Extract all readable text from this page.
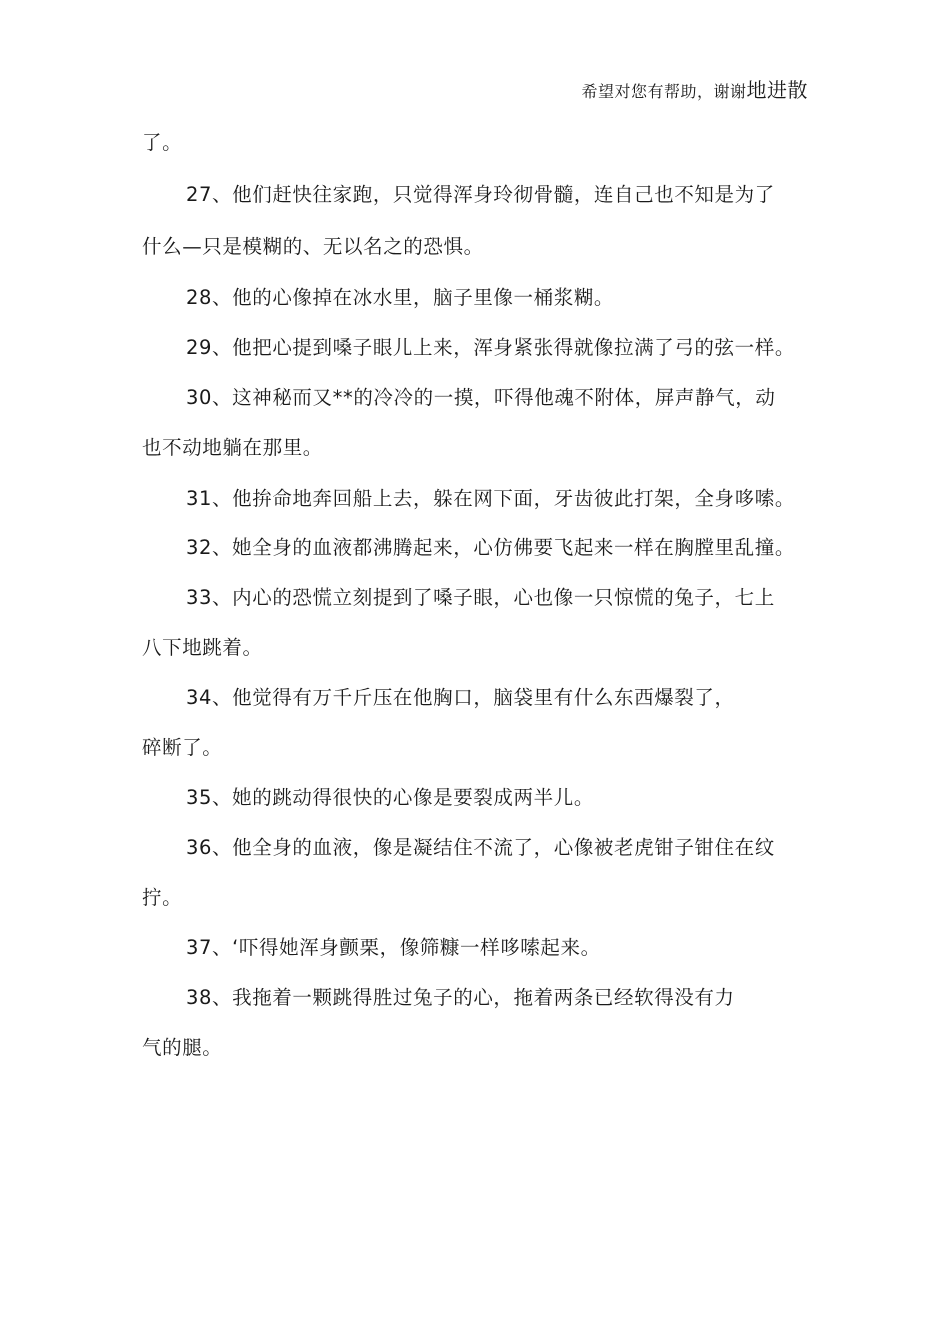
希望对您有帮助，谢谢地进散
了。
27、他们赶快往家跑，只觉得浑身玲彻骨髓，连自己也不知是为了
什么—只是模糊的、无以名之的恐惧。
28、他的心像掉在冰水里，脑子里像一桶浆糊。
29、他把心提到嗓子眼儿上来，浑身紧张得就像拉满了弓的弦一样。
30、这神秘而又**的冷冷的一摸，吓得他魂不附体，屏声静气，动
也不动地躺在那里。
31、他拚命地奔回船上去，躲在网下面，牙齿彼此打架，全身哆嗦。
32、她全身的血液都沸腾起来，心仿佛要飞起来一样在胸膛里乱撞。
33、内心的恐慌立刻提到了嗓子眼，心也像一只惊慌的兔子，七上
八下地跳着。
34、他觉得有万千斤压在他胸口，脑袋里有什么东西爆裂了，
碎断了。
35、她的跳动得很快的心像是要裂成两半儿。
36、他全身的血液，像是凝结住不流了，心像被老虎钳子钳住在纹
拧。
37、‘吓得她浑身颤栗，像筛糠一样哆嗦起来。
38、我拖着一颗跳得胜过兔子的心，拖着两条已经软得没有力
气的腿。
